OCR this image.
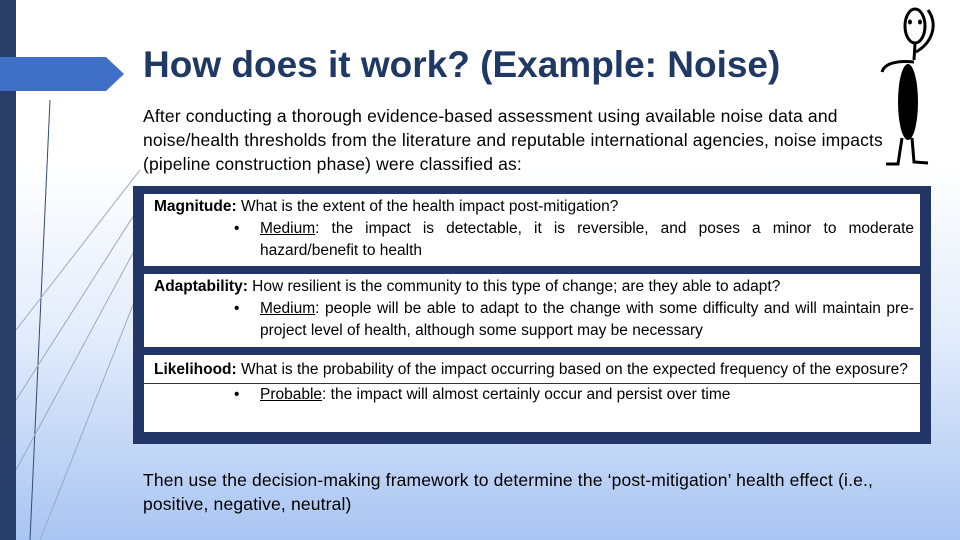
How does it work? (Example: Noise)

After conducting a thorough evidence-based assessment using available noise data and noise/health thresholds from the literature and reputable international agencies, noise impacts (pipeline construction phase) were classified as:

Magnitude: What is the extent of the health impact post-mitigation?

•	Medium: the impact is detectable, it is reversible, and poses a minor to moderate hazard/benefit to health

Adaptability: How resilient is the community to this type of change; are they able to adapt?

•	Medium: people will be able to adapt to the change with some difficulty and will maintain pre-project level of health, although some support may be necessary

Likelihood: What is the probability of the impact occurring based on the expected frequency of the exposure?

•	Probable: the impact will almost certainly occur and persist over time

Then use the decision-making framework to determine the ‘post-mitigation’ health effect (i.e., positive, negative, neutral)
